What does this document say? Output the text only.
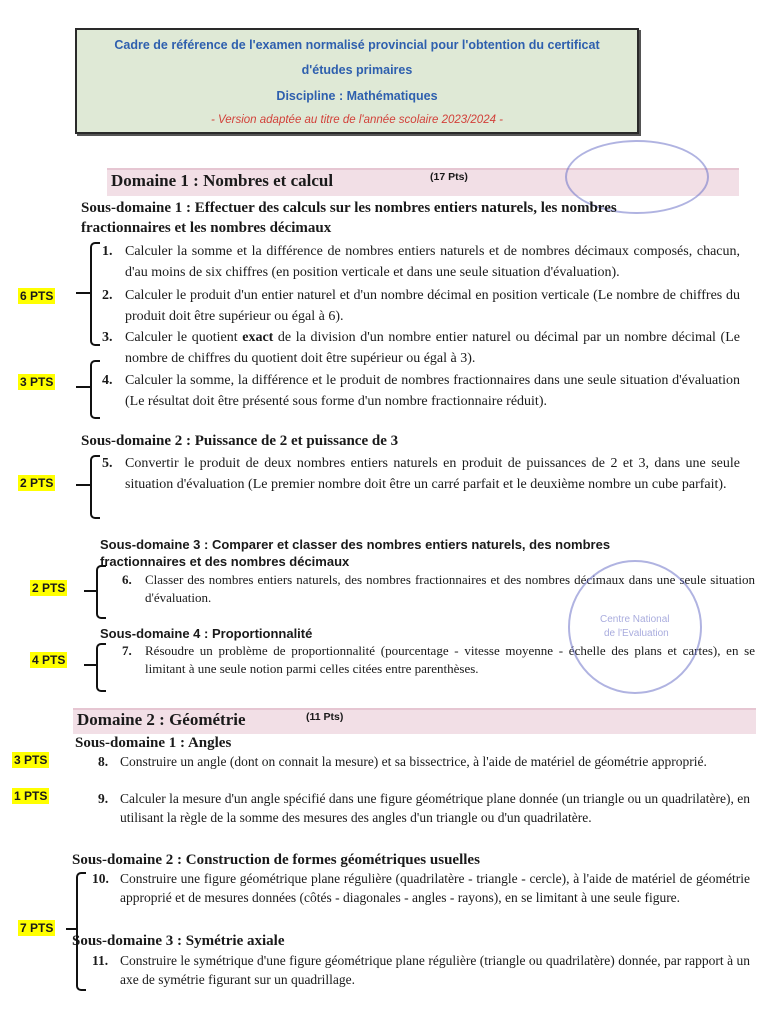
Cadre de référence de l'examen normalisé provincial pour l'obtention du certificat
d'études primaires
Discipline : Mathématiques
- Version adaptée au titre de l'année scolaire 2023/2024 -
Domaine 1 : Nombres et calcul	(17 Pts)
Sous-domaine 1 : Effectuer des calculs sur les nombres entiers naturels, les nombres
fractionnaires et les nombres décimaux
1. Calculer la somme et la différence de nombres entiers naturels et de nombres décimaux composés, chacun, d'au moins de six chiffres (en position verticale et dans une seule situation d'évaluation).
2. Calculer le produit d'un entier naturel et d'un nombre décimal en position verticale (Le nombre de chiffres du produit doit être supérieur ou égal à 6).
3. Calculer le quotient exact de la division d'un nombre entier naturel ou décimal par un nombre décimal (Le nombre de chiffres du quotient doit être supérieur ou égal à 3).
4. Calculer la somme, la différence et le produit de nombres fractionnaires dans une seule situation d'évaluation (Le résultat doit être présenté sous forme d'un nombre fractionnaire réduit).
Sous-domaine 2 : Puissance de 2 et puissance de 3
5. Convertir le produit de deux nombres entiers naturels en produit de puissances de 2 et 3, dans une seule situation d'évaluation (Le premier nombre doit être un carré parfait et le deuxième nombre un cube parfait).
Sous-domaine 3 : Comparer et classer des nombres entiers naturels, des nombres
fractionnaires et des nombres décimaux
6. Classer des nombres entiers naturels, des nombres fractionnaires et des nombres décimaux dans une seule situation d'évaluation.
Sous-domaine 4 : Proportionnalité
7. Résoudre un problème de proportionnalité (pourcentage - vitesse moyenne - échelle des plans et cartes), en se limitant à une seule notion parmi celles citées entre parenthèses.
Centre National
de l'Evaluation
Domaine 2 : Géométrie	(11 Pts)
Sous-domaine 1 : Angles
8. Construire un angle (dont on connait la mesure) et sa bissectrice, à l'aide de matériel de géométrie approprié.
9. Calculer la mesure d'un angle spécifié dans une figure géométrique plane donnée (un triangle ou un quadrilatère), en utilisant la règle de la somme des mesures des angles d'un triangle ou d'un quadrilatère.
Sous-domaine 2 : Construction de formes géométriques usuelles
10. Construire une figure géométrique plane régulière (quadrilatère - triangle - cercle), à l'aide de matériel de géométrie approprié et de mesures données (côtés - diagonales - angles - rayons), en se limitant à une seule figure.
Sous-domaine 3 : Symétrie axiale
11. Construire le symétrique d'une figure géométrique plane régulière (triangle ou quadrilatère) donnée, par rapport à un axe de symétrie figurant sur un quadrillage.
6 PTS
3 PTS
2 PTS
2 PTS
4 PTS
3 PTS
1 PTS
7 PTS
